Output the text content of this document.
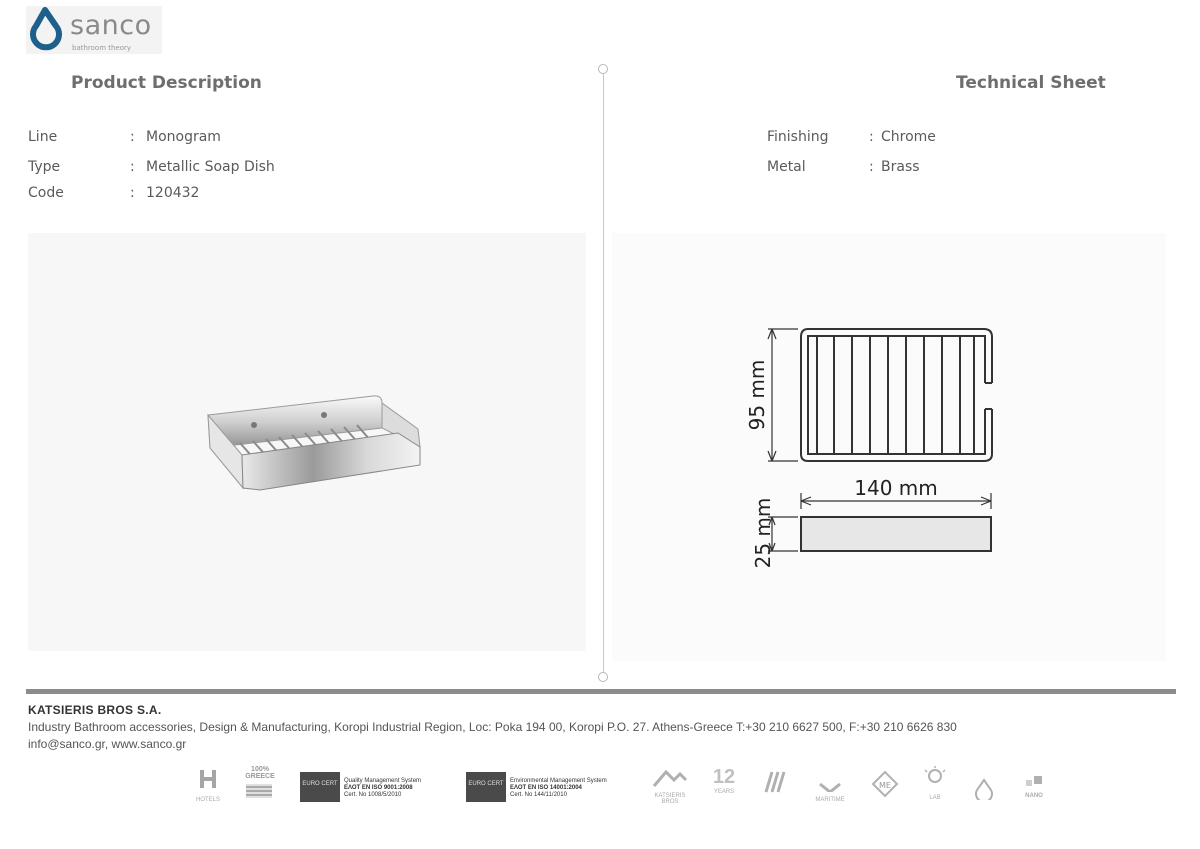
sanco
bathroom theory
Product Description	Technical Sheet
Line	: Monogram
Type	: Metallic Soap Dish
Code	: 120432
Finishing	: Chrome
Metal	: Brass
95 mm
140 mm
25 mm
KATSIERIS BROS S.A.
Industry Bathroom accessories, Design & Manufacturing, Koropi Industrial Region, Loc: Poka 194 00, Koropi P.O. 27. Athens-Greece T:+30 210 6627 500, F:+30 210 6626 830
info@sanco.gr, www.sanco.gr
HOTELS
100% GREECE
EURO CERT	Quality Management System
ΕΛΟΤ EN ISO 9001:2008
Cert. No 1008/5/2010
EURO CERT	Environmental Management System
ΕΛΟΤ EN ISO 14001:2004
Cert. No 144/11/2010	KATSIERIS BROS
12
YEARS
MARITIME
ME
LAB	NANO
